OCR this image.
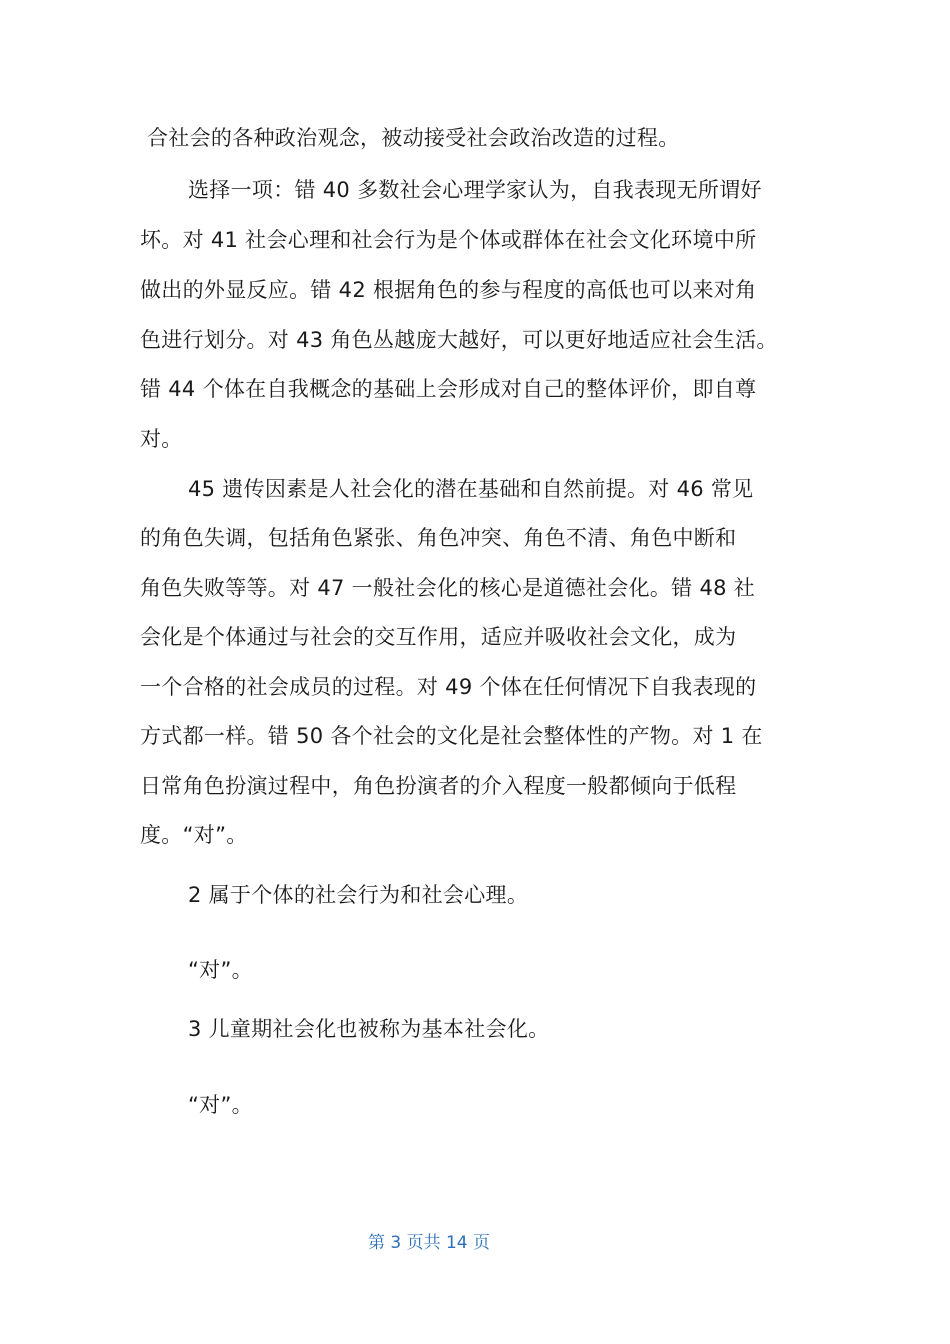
合社会的各种政治观念，被动接受社会政治改造的过程。
选择一项：错 40 多数社会心理学家认为，自我表现无所谓好
坏。对 41 社会心理和社会行为是个体或群体在社会文化环境中所
做出的外显反应。错 42 根据角色的参与程度的高低也可以来对角
色进行划分。对 43 角色丛越庞大越好，可以更好地适应社会生活。
错 44 个体在自我概念的基础上会形成对自己的整体评价，即自尊
对。
45 遗传因素是人社会化的潜在基础和自然前提。对 46 常见
的角色失调，包括角色紧张、角色冲突、角色不清、角色中断和
角色失败等等。对 47 一般社会化的核心是道德社会化。错 48 社
会化是个体通过与社会的交互作用，适应并吸收社会文化，成为
一个合格的社会成员的过程。对 49 个体在任何情况下自我表现的
方式都一样。错 50 各个社会的文化是社会整体性的产物。对 1 在
日常角色扮演过程中，角色扮演者的介入程度一般都倾向于低程
度。“对”。
2 属于个体的社会行为和社会心理。
“对”。
3 儿童期社会化也被称为基本社会化。
“对”。
第 3 页共 14 页
